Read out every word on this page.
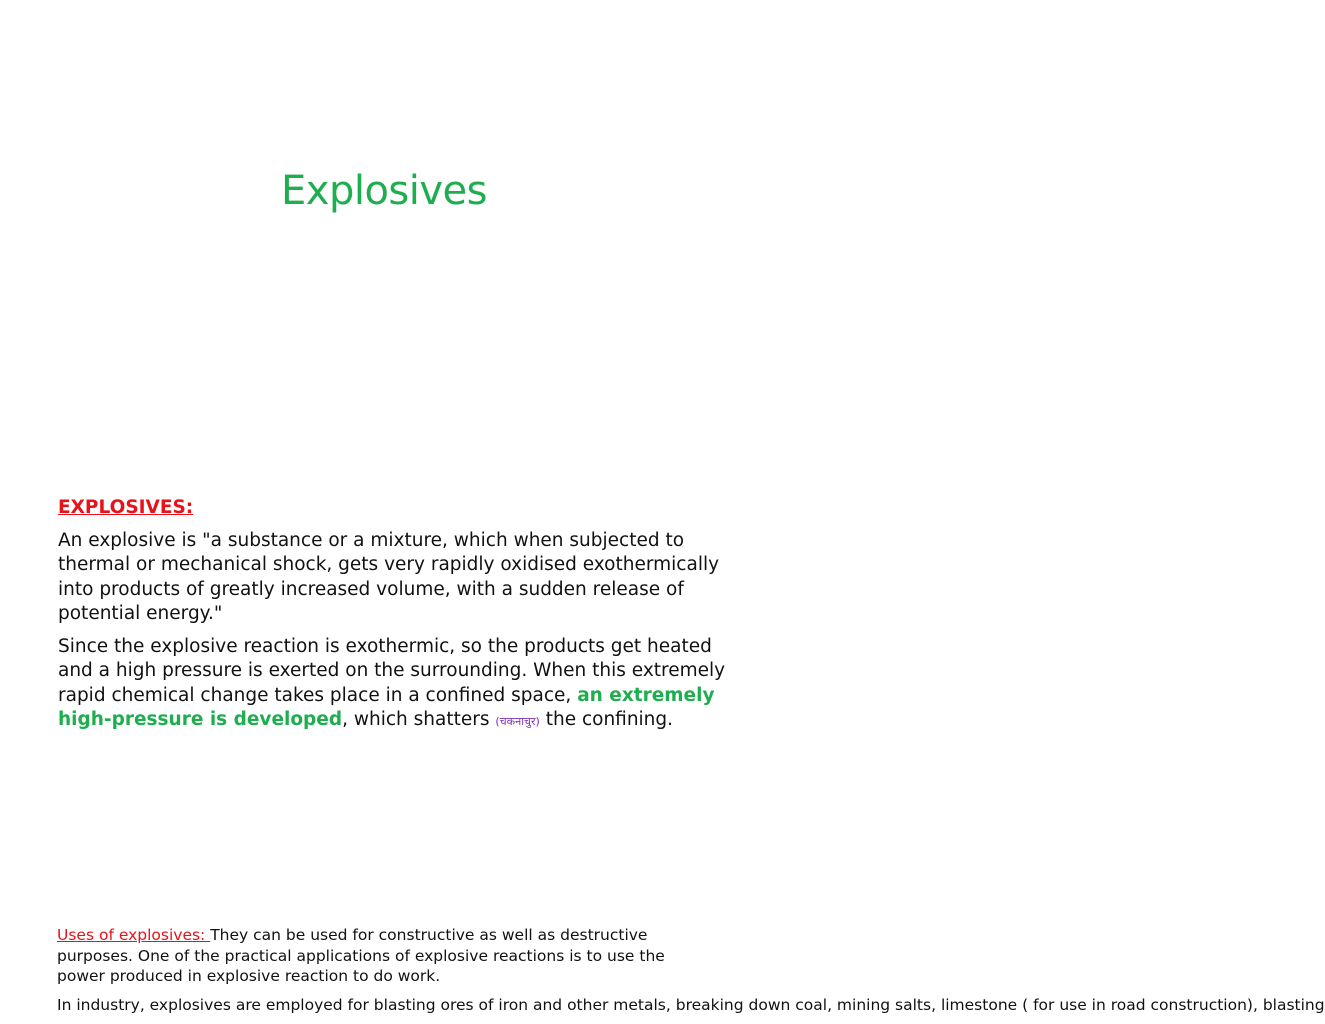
Explosives

EXPLOSIVES:

An explosive is "a substance or a mixture, which when subjected to thermal or mechanical shock, gets very rapidly oxidised exothermically into products of greatly increased volume, with a sudden release of potential energy."

Since the explosive reaction is exothermic, so the products get heated and a high pressure is exerted on the surrounding. When this extremely rapid chemical change takes place in a confined space, an extremely high-pressure is developed, which shatters (चकनाचुर) the confining.

Uses of explosives: They can be used for constructive as well as destructive purposes. One of the practical applications of explosive reactions is to use the power produced in explosive reaction to do work.

In industry, explosives are employed for blasting ores of iron and other metals, breaking down coal, mining salts, limestone ( for use in road construction), blasting
